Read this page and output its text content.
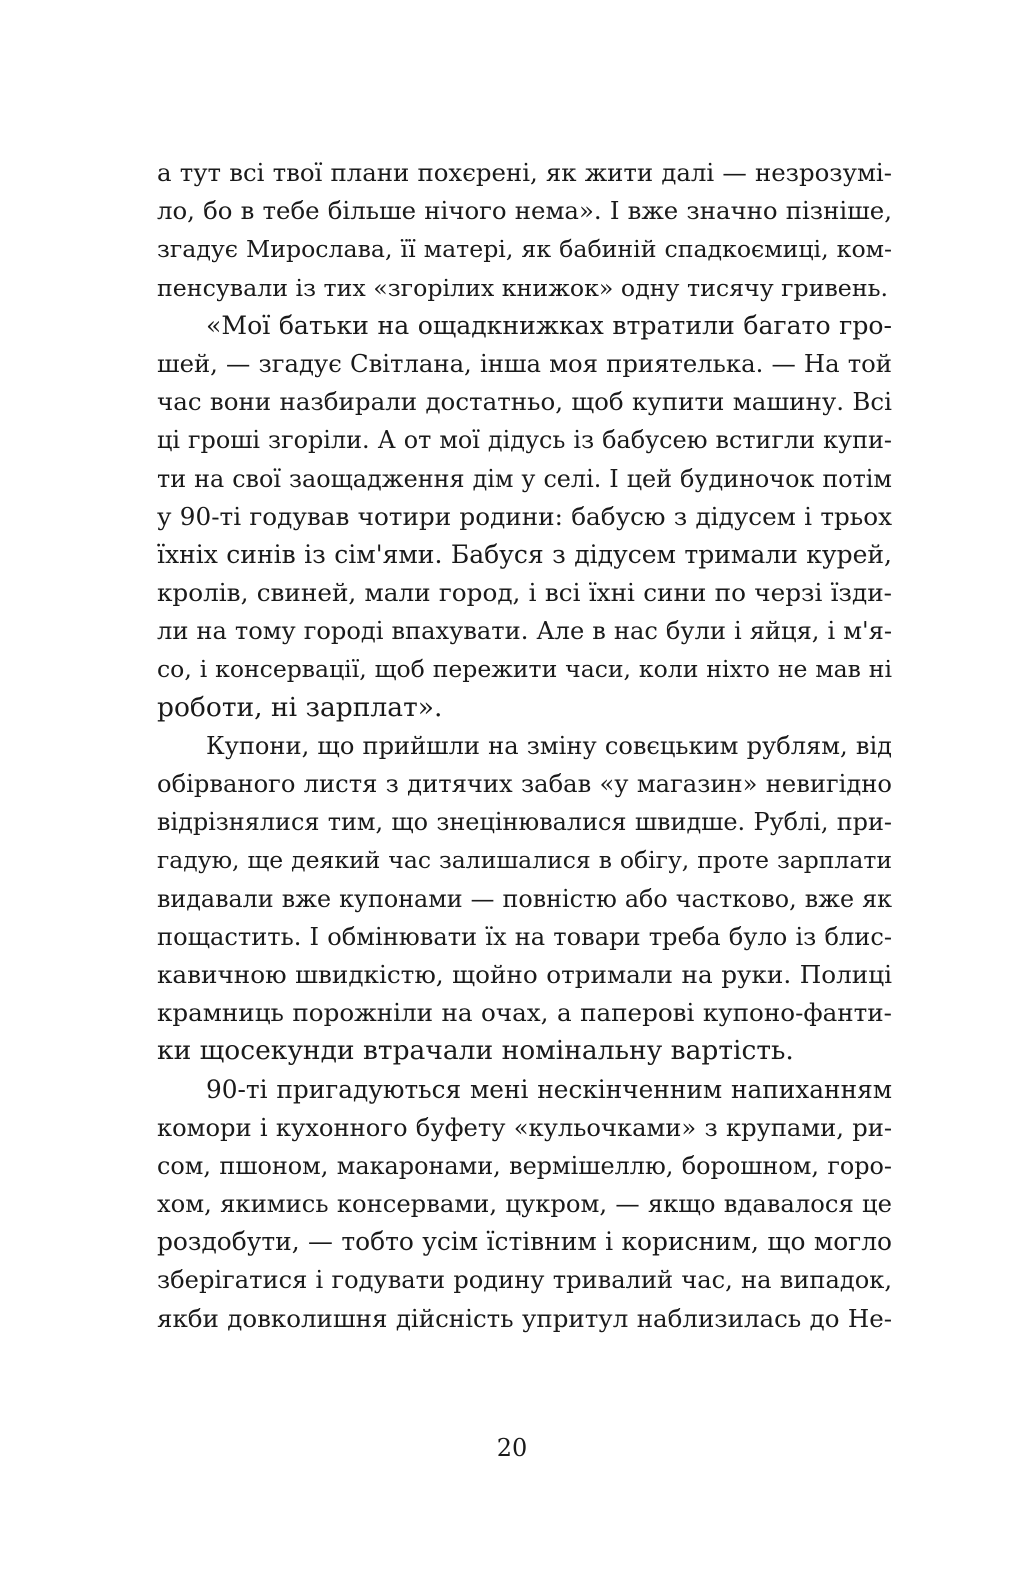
а тут всі твої плани похєрені, як жити далі — незрозумі-
ло, бо в тебе більше нічого нема». І вже значно пізніше,
згадує Мирослава, її матері, як бабиній спадкоємиці, ком-
пенсували із тих «згорілих книжок» одну тисячу гривень.
«Мої батьки на ощадкнижках втратили багато гро-
шей, — згадує Світлана, інша моя приятелька. — На той
час вони назбирали достатньо, щоб купити машину. Всі
ці гроші згоріли. А от мої дідусь із бабусею встигли купи-
ти на свої заощадження дім у селі. І цей будиночок потім
у 90-ті годував чотири родини: бабусю з дідусем і трьох
їхніх синів із сім'ями. Бабуся з дідусем тримали курей,
кролів, свиней, мали город, і всі їхні сини по черзі їзди-
ли на тому городі впахувати. Але в нас були і яйця, і м'я-
со, і консервації, щоб пережити часи, коли ніхто не мав ні
роботи, ні зарплат».
Купони, що прийшли на зміну совєцьким рублям, від
обірваного листя з дитячих забав «у магазин» невигідно
відрізнялися тим, що знецінювалися швидше. Рублі, при-
гадую, ще деякий час залишалися в обігу, проте зарплати
видавали вже купонами — повністю або частково, вже як
пощастить. І обмінювати їх на товари треба було із блис-
кавичною швидкістю, щойно отримали на руки. Полиці
крамниць порожніли на очах, а паперові купоно-фанти-
ки щосекунди втрачали номінальну вартість.
90-ті пригадуються мені нескінченним напиханням
комори і кухонного буфету «кульочками» з крупами, ри-
сом, пшоном, макаронами, вермішеллю, борошном, горо-
хом, якимись консервами, цукром, — якщо вдавалося це
роздобути, — тобто усім їстівним і корисним, що могло
зберігатися і годувати родину тривалий час, на випадок,
якби довколишня дійсність упритул наблизилась до Не-
20
